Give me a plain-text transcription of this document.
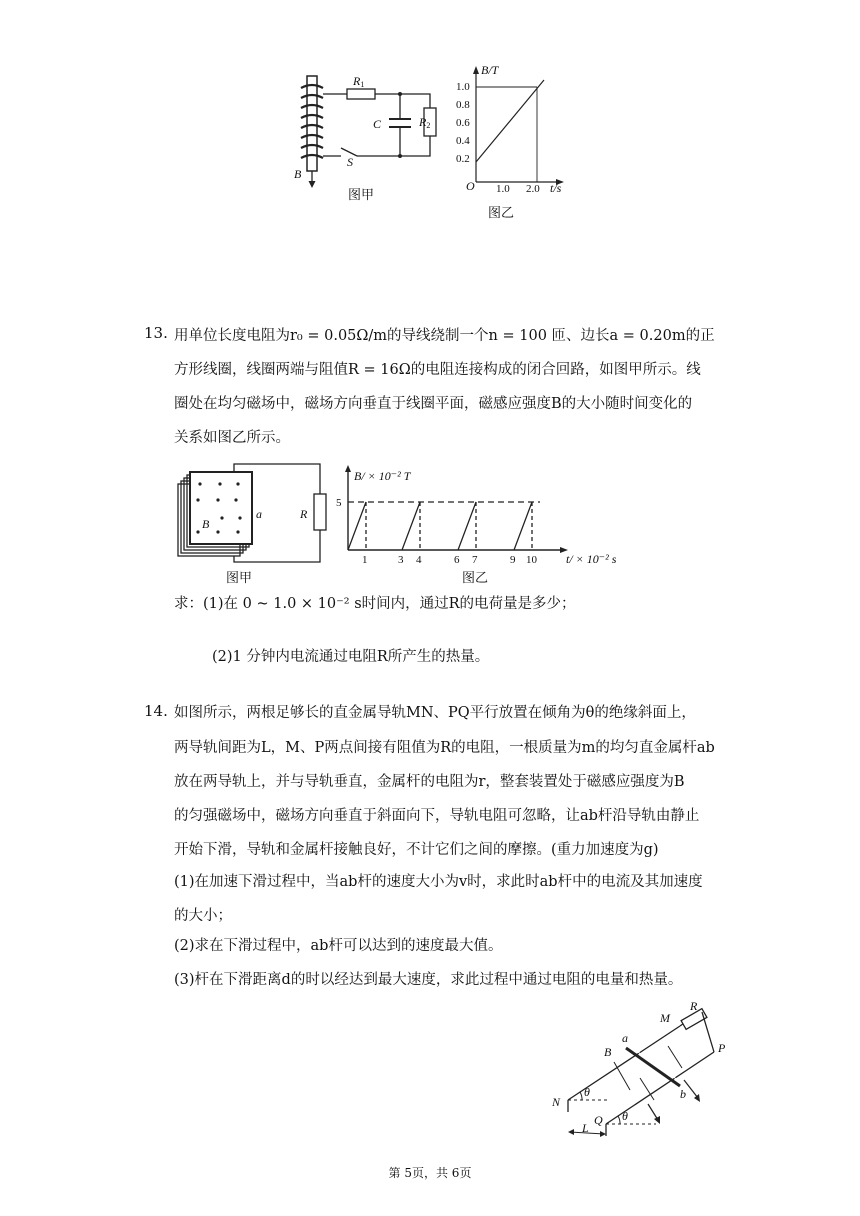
R1
R2
C
S
B
图甲
1.0
0.8
0.6
0.4
0.2
B/T
O 1.0 2.0 t/s
图乙
13. 用单位长度电阻为r₀ = 0.05Ω/m的导线绕制一个n = 100 匝、边长a = 0.20m的正
方形线圈，线圈两端与阻值R = 16Ω的电阻连接构成的闭合回路，如图甲所示。线
圈处在均匀磁场中，磁场方向垂直于线圈平面，磁感应强度B的大小随时间变化的
关系如图乙所示。
B
a	R
图甲
B/ × 10⁻² T
5
1	3 4	6 7	9 10 t/ × 10⁻² s
图乙
求：(1)在 0 ~ 1.0 × 10⁻² s时间内，通过R的电荷量是多少；
(2)1 分钟内电流通过电阻R所产生的热量。
14. 如图所示，两根足够长的直金属导轨MN、PQ平行放置在倾角为θ的绝缘斜面上，
两导轨间距为L，M、P两点间接有阻值为R的电阻，一根质量为m的均匀直金属杆ab
放在两导轨上，并与导轨垂直，金属杆的电阻为r，整套装置处于磁感应强度为B
的匀强磁场中，磁场方向垂直于斜面向下，导轨电阻可忽略，让ab杆沿导轨由静止
开始下滑，导轨和金属杆接触良好，不计它们之间的摩擦。(重力加速度为g)
(1)在加速下滑过程中，当ab杆的速度大小为v时，求此时ab杆中的电流及其加速度
的大小；
(2)求在下滑过程中，ab杆可以达到的速度最大值。
(3)杆在下滑距离d的时以经达到最大速度，求此过程中通过电阻的电量和热量。
M
R
P
a
B
b
N
Q
L
θ
θ
第 5页，共 6页
